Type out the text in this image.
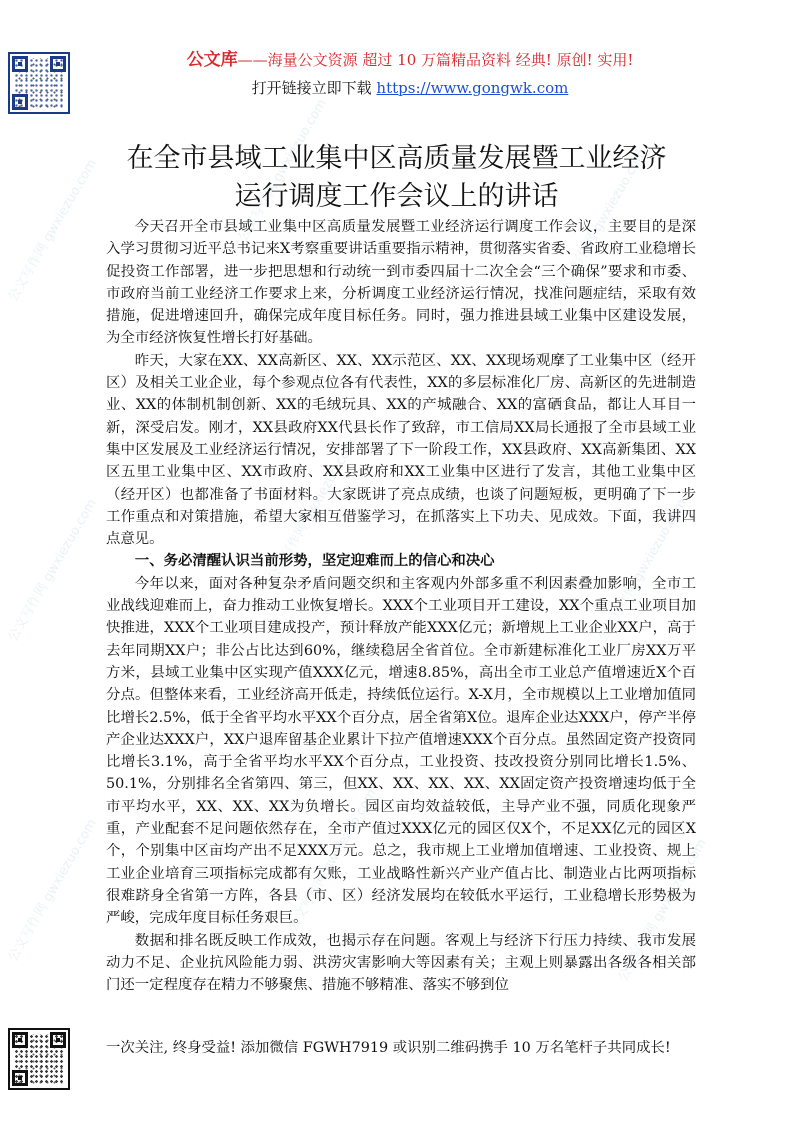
公文写作网 gwxiezuo.com	公文写作网 gwxiezuo.com	公文写作网 gwxiezuo.com
公文写作网 gwxiezuo.com	公文写作网 gwxiezuo.com	公文写作网 gwxiezuo.com
公文写作网 gwxiezuo.com	公文写作网 gwxiezuo.com	公文写作网 gwxiezuo.com
公文库——海量公文资源 超过 10 万篇精品资料 经典! 原创! 实用!
打开链接立即下载 https://www.gongwk.com
在全市县域工业集中区高质量发展暨工业经济
运行调度工作会议上的讲话

今天召开全市县域工业集中区高质量发展暨工业经济运行调度工作会议，主要目的是深入学习贯彻习近平总书记来X考察重要讲话重要指示精神，贯彻落实省委、省政府工业稳增长促投资工作部署，进一步把思想和行动统一到市委四届十二次全会“三个确保”要求和市委、市政府当前工业经济工作要求上来，分析调度工业经济运行情况，找准问题症结，采取有效措施，促进增速回升，确保完成年度目标任务。同时，强力推进县域工业集中区建设发展，为全市经济恢复性增长打好基础。

昨天，大家在XX、XX高新区、XX、XX示范区、XX、XX现场观摩了工业集中区（经开区）及相关工业企业，每个参观点位各有代表性，XX的多层标准化厂房、高新区的先进制造业、XX的体制机制创新、XX的毛绒玩具、XX的产城融合、XX的富硒食品，都让人耳目一新，深受启发。刚才，XX县政府XX代县长作了致辞，市工信局XX局长通报了全市县域工业集中区发展及工业经济运行情况，安排部署了下一阶段工作，XX县政府、XX高新集团、XX区五里工业集中区、XX市政府、XX县政府和XX工业集中区进行了发言，其他工业集中区（经开区）也都准备了书面材料。大家既讲了亮点成绩，也谈了问题短板，更明确了下一步工作重点和对策措施，希望大家相互借鉴学习，在抓落实上下功夫、见成效。下面，我讲四点意见。

一、务必清醒认识当前形势，坚定迎难而上的信心和决心

今年以来，面对各种复杂矛盾问题交织和主客观内外部多重不利因素叠加影响，全市工业战线迎难而上，奋力推动工业恢复增长。XXX个工业项目开工建设，XX个重点工业项目加快推进，XXX个工业项目建成投产，预计释放产能XXX亿元；新增规上工业企业XX户，高于去年同期XX户；非公占比达到60%，继续稳居全省首位。全市新建标准化工业厂房XX万平方米，县域工业集中区实现产值XXX亿元，增速8.85%，高出全市工业总产值增速近X个百分点。但整体来看，工业经济高开低走，持续低位运行。X-X月，全市规模以上工业增加值同比增长2.5%，低于全省平均水平XX个百分点，居全省第X位。退库企业达XXX户，停产半停产企业达XXX户，XX户退库留基企业累计下拉产值增速XXX个百分点。虽然固定资产投资同比增长3.1%，高于全省平均水平XX个百分点，工业投资、技改投资分别同比增长1.5%、50.1%，分别排名全省第四、第三，但XX、XX、XX、XX、XX固定资产投资增速均低于全市平均水平，XX、XX、XX为负增长。园区亩均效益较低，主导产业不强，同质化现象严重，产业配套不足问题依然存在，全市产值过XXX亿元的园区仅X个，不足XX亿元的园区X个，个别集中区亩均产出不足XXX万元。总之，我市规上工业增加值增速、工业投资、规上工业企业培育三项指标完成都有欠账，工业战略性新兴产业产值占比、制造业占比两项指标很难跻身全省第一方阵，各县（市、区）经济发展均在较低水平运行，工业稳增长形势极为严峻，完成年度目标任务艰巨。

数据和排名既反映工作成效，也揭示存在问题。客观上与经济下行压力持续、我市发展动力不足、企业抗风险能力弱、洪涝灾害影响大等因素有关；主观上则暴露出各级各相关部门还一定程度存在精力不够聚焦、措施不够精准、落实不够到位

一次关注, 终身受益! 添加微信 FGWH7919 或识别二维码携手 10 万名笔杆子共同成长!
